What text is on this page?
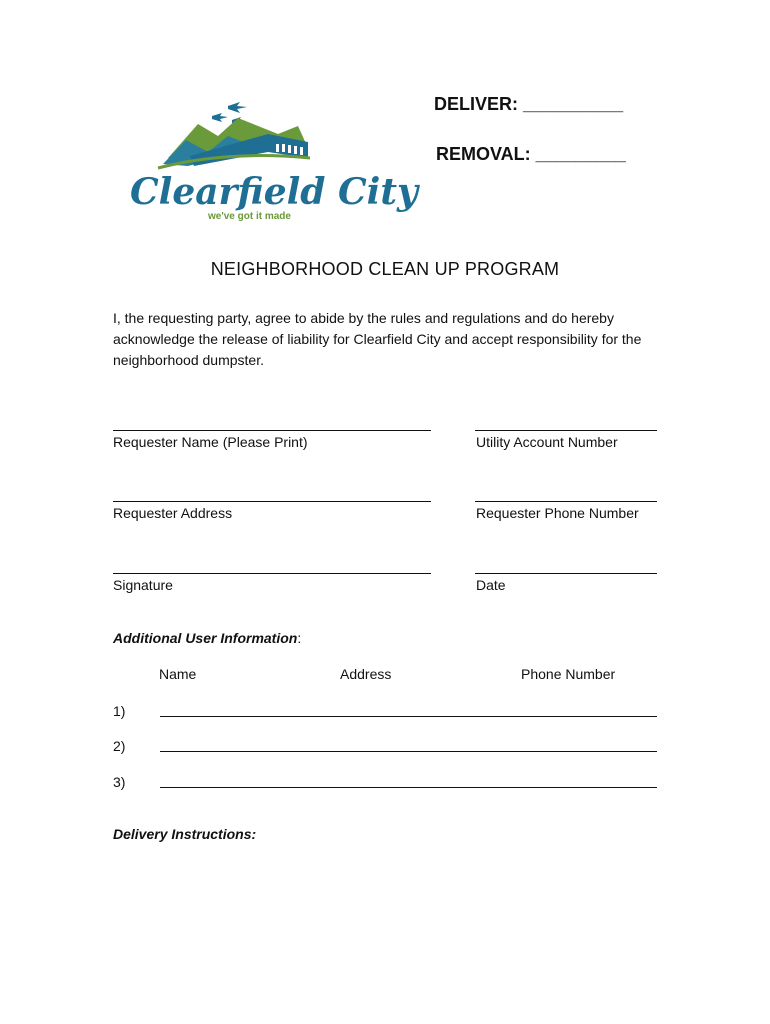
Clearfield City
we've got it made
DELIVER: __________
REMOVAL: _________
NEIGHBORHOOD CLEAN UP PROGRAM
I, the requesting party, agree to abide by the rules and regulations and do hereby acknowledge the release of liability for Clearfield City and accept responsibility for the neighborhood dumpster.
Requester Name (Please Print)	Utility Account Number
Requester Address	Requester Phone Number
Signature	Date
Additional User Information:
Name	Address	Phone Number
1)
2)
3)
Delivery Instructions:
